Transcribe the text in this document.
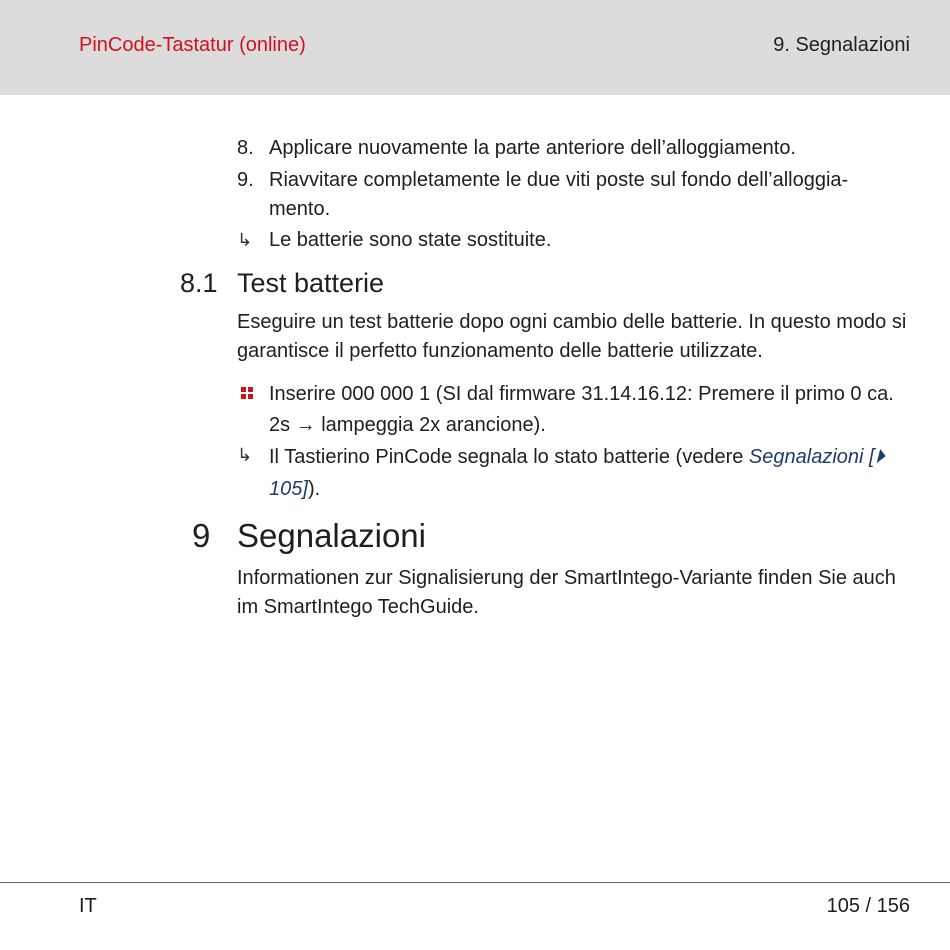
PinCode-Tastatur (online)	9. Segnalazioni
8. Applicare nuovamente la parte anteriore dell’alloggiamento.
9. Riavvitare completamente le due viti poste sul fondo dell’alloggia-mento.
↳ Le batterie sono state sostituite.
8.1 Test batterie
Eseguire un test batterie dopo ogni cambio delle batterie. In questo modo si garantisce il perfetto funzionamento delle batterie utilizzate.
Inserire 000 000 1 (SI dal firmware 31.14.16.12: Premere il primo 0 ca. 2s → lampeggia 2x arancione).
↳ Il Tastierino PinCode segnala lo stato batterie (vedere Segnalazioni [⏵ 105]).
9 Segnalazioni
Informationen zur Signalisierung der SmartIntego-Variante finden Sie auch im SmartIntego TechGuide.
IT	105 / 156
